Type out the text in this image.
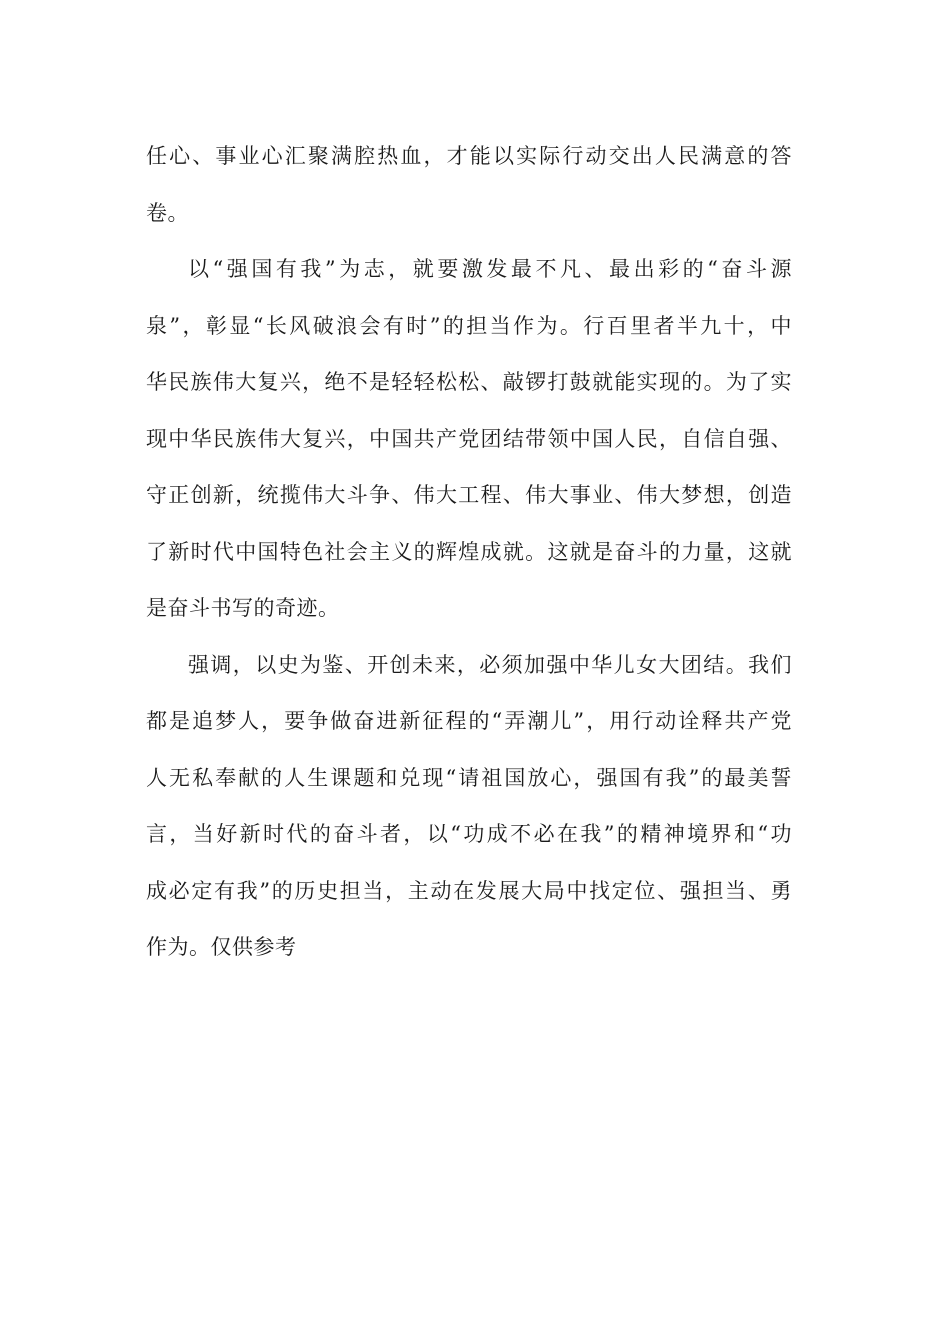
任心、事业心汇聚满腔热血，才能以实际行动交出人民满意的答
卷。
以“强国有我”为志，就要激发最不凡、最出彩的“奋斗源
泉”，彰显“长风破浪会有时”的担当作为。行百里者半九十，中
华民族伟大复兴，绝不是轻轻松松、敲锣打鼓就能实现的。为了实
现中华民族伟大复兴，中国共产党团结带领中国人民，自信自强、
守正创新，统揽伟大斗争、伟大工程、伟大事业、伟大梦想，创造
了新时代中国特色社会主义的辉煌成就。这就是奋斗的力量，这就
是奋斗书写的奇迹。
强调，以史为鉴、开创未来，必须加强中华儿女大团结。我们
都是追梦人，要争做奋进新征程的“弄潮儿”，用行动诠释共产党
人无私奉献的人生课题和兑现“请祖国放心，强国有我”的最美誓
言，当好新时代的奋斗者，以“功成不必在我”的精神境界和“功
成必定有我”的历史担当，主动在发展大局中找定位、强担当、勇
作为。仅供参考
